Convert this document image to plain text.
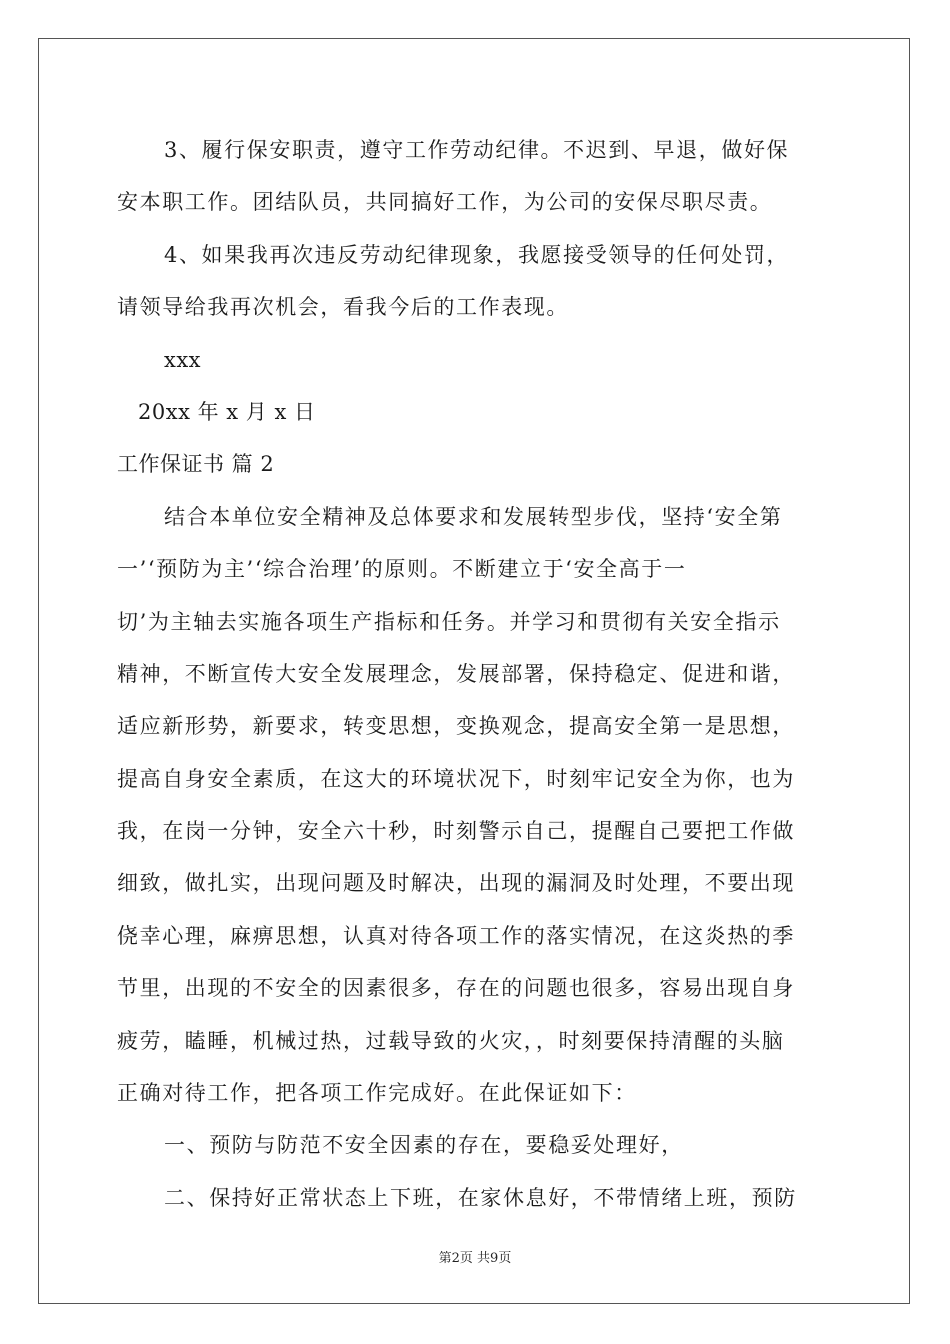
3、履行保安职责，遵守工作劳动纪律。不迟到、早退，做好保
安本职工作。团结队员，共同搞好工作，为公司的安保尽职尽责。
4、如果我再次违反劳动纪律现象，我愿接受领导的任何处罚，
请领导给我再次机会，看我今后的工作表现。
xxx
20xx 年 x 月 x 日
工作保证书 篇 2
结合本单位安全精神及总体要求和发展转型步伐，坚持‘安全第
一’‘预防为主’‘综合治理’的原则。不断建立于‘安全高于一
切’为主轴去实施各项生产指标和任务。并学习和贯彻有关安全指示
精神，不断宣传大安全发展理念，发展部署，保持稳定、促进和谐，
适应新形势，新要求，转变思想，变换观念，提高安全第一是思想，
提高自身安全素质，在这大的环境状况下，时刻牢记安全为你，也为
我，在岗一分钟，安全六十秒，时刻警示自己，提醒自己要把工作做
细致，做扎实，出现问题及时解决，出现的漏洞及时处理，不要出现
侥幸心理，麻痹思想，认真对待各项工作的落实情况，在这炎热的季
节里，出现的不安全的因素很多，存在的问题也很多，容易出现自身
疲劳，瞌睡，机械过热，过载导致的火灾，，时刻要保持清醒的头脑
正确对待工作，把各项工作完成好。在此保证如下：
一、预防与防范不安全因素的存在，要稳妥处理好，
二、保持好正常状态上下班，在家休息好，不带情绪上班，预防
第2页 共9页
